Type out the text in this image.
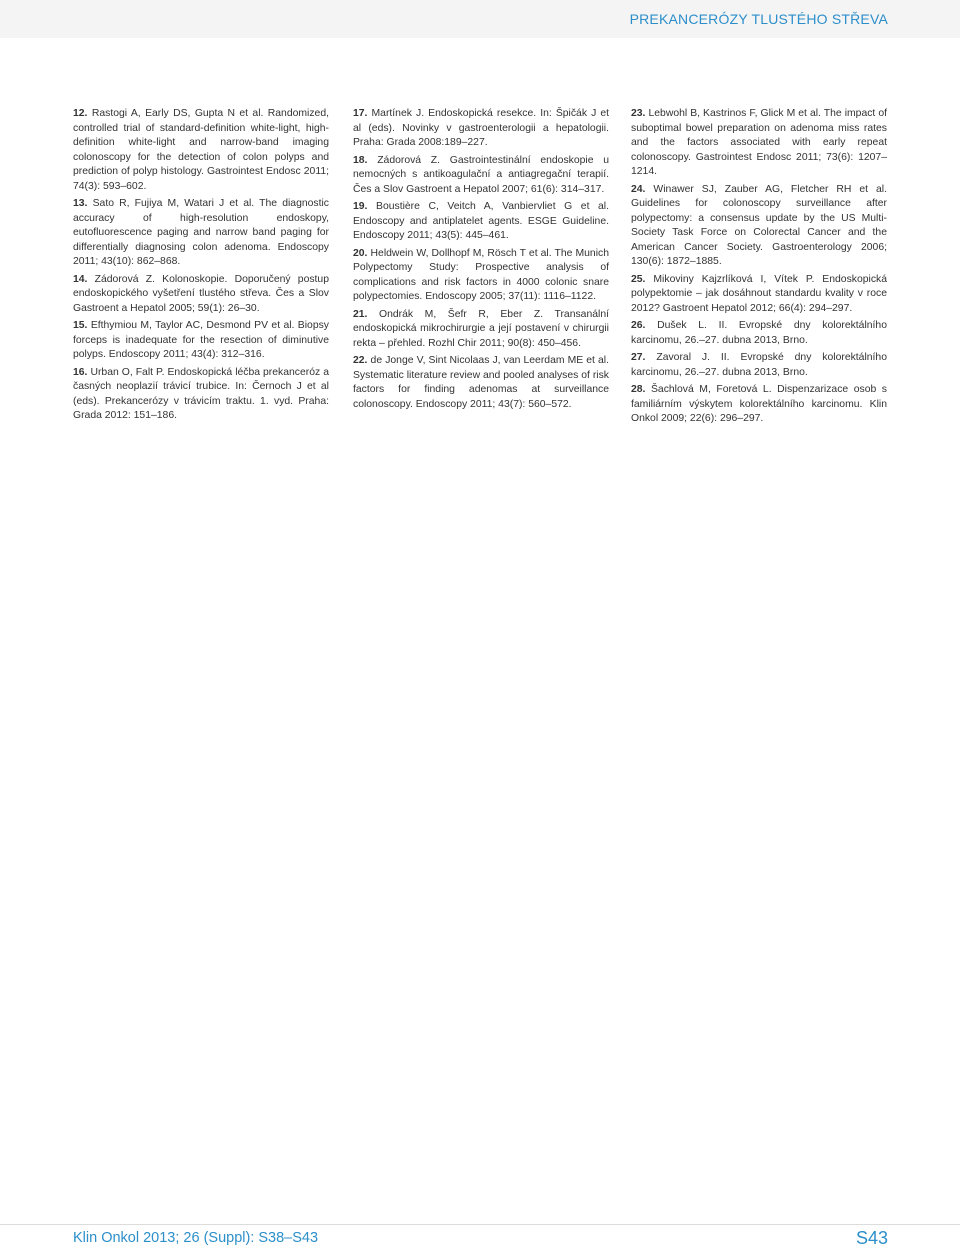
PREKANCERÓZY TLUSTÉHO STŘEVA

12. Rastogi A, Early DS, Gupta N et al. Randomized, controlled trial of standard-definition white-light, high-definition white-light and narrow-band imaging colonoscopy for the detection of colon polyps and prediction of polyp histology. Gastrointest Endosc 2011; 74(3): 593–602.

13. Sato R, Fujiya M, Watari J et al. The diagnostic accuracy of high-resolution endoskopy, eutofluorescence paging and narrow band paging for differentially diagnosing colon adenoma. Endoscopy 2011; 43(10): 862–868.

14. Zádorová Z. Kolonoskopie. Doporučený postup endoskopického vyšetření tlustého střeva. Čes a Slov Gastroent a Hepatol 2005; 59(1): 26–30.

15. Efthymiou M, Taylor AC, Desmond PV et al. Biopsy forceps is inadequate for the resection of diminutive polyps. Endoscopy 2011; 43(4): 312–316.

16. Urban O, Falt P. Endoskopická léčba prekanceróz a časných neoplazií trávicí trubice. In: Černoch J et al (eds). Prekancerózy v trávicím traktu. 1. vyd. Praha: Grada 2012: 151–186.

17. Martínek J. Endoskopická resekce. In: Špičák J et al (eds). Novinky v gastroenterologii a hepatologii. Praha: Grada 2008:189–227.

18. Zádorová Z. Gastrointestinální endoskopie u nemocných s antikoagulační a antiagregační terapií. Čes a Slov Gastroent a Hepatol 2007; 61(6): 314–317.

19. Boustière C, Veitch A, Vanbiervliet G et al. Endoscopy and antiplatelet agents. ESGE Guideline. Endoscopy 2011; 43(5): 445–461.

20. Heldwein W, Dollhopf M, Rösch T et al. The Munich Polypectomy Study: Prospective analysis of complications and risk factors in 4000 colonic snare polypectomies. Endoscopy 2005; 37(11): 1116–1122.

21. Ondrák M, Šefr R, Eber Z. Transanální endoskopická mikrochirurgie a její postavení v chirurgii rekta – přehled. Rozhl Chir 2011; 90(8): 450–456.

22. de Jonge V, Sint Nicolaas J, van Leerdam ME et al. Systematic literature review and pooled analyses of risk factors for finding adenomas at surveillance colonoscopy. Endoscopy 2011; 43(7): 560–572.

23. Lebwohl B, Kastrinos F, Glick M et al. The impact of suboptimal bowel preparation on adenoma miss rates and the factors associated with early repeat colonoscopy. Gastrointest Endosc 2011; 73(6): 1207–1214.

24. Winawer SJ, Zauber AG, Fletcher RH et al. Guidelines for colonoscopy surveillance after polypectomy: a consensus update by the US Multi-Society Task Force on Colorectal Cancer and the American Cancer Society. Gastroenterology 2006; 130(6): 1872–1885.

25. Mikoviny Kajzrlíková I, Vítek P. Endoskopická polypektomie – jak dosáhnout standardu kvality v roce 2012? Gastroent Hepatol 2012; 66(4): 294–297.

26. Dušek L. II. Evropské dny kolorektálního karcinomu, 26.–27. dubna 2013, Brno.

27. Zavoral J. II. Evropské dny kolorektálního karcinomu, 26.–27. dubna 2013, Brno.

28. Šachlová M, Foretová L. Dispenzarizace osob s familiárním výskytem kolorektálního karcinomu. Klin Onkol 2009; 22(6): 296–297.

Klin Onkol 2013; 26 (Suppl): S38–S43	S43
